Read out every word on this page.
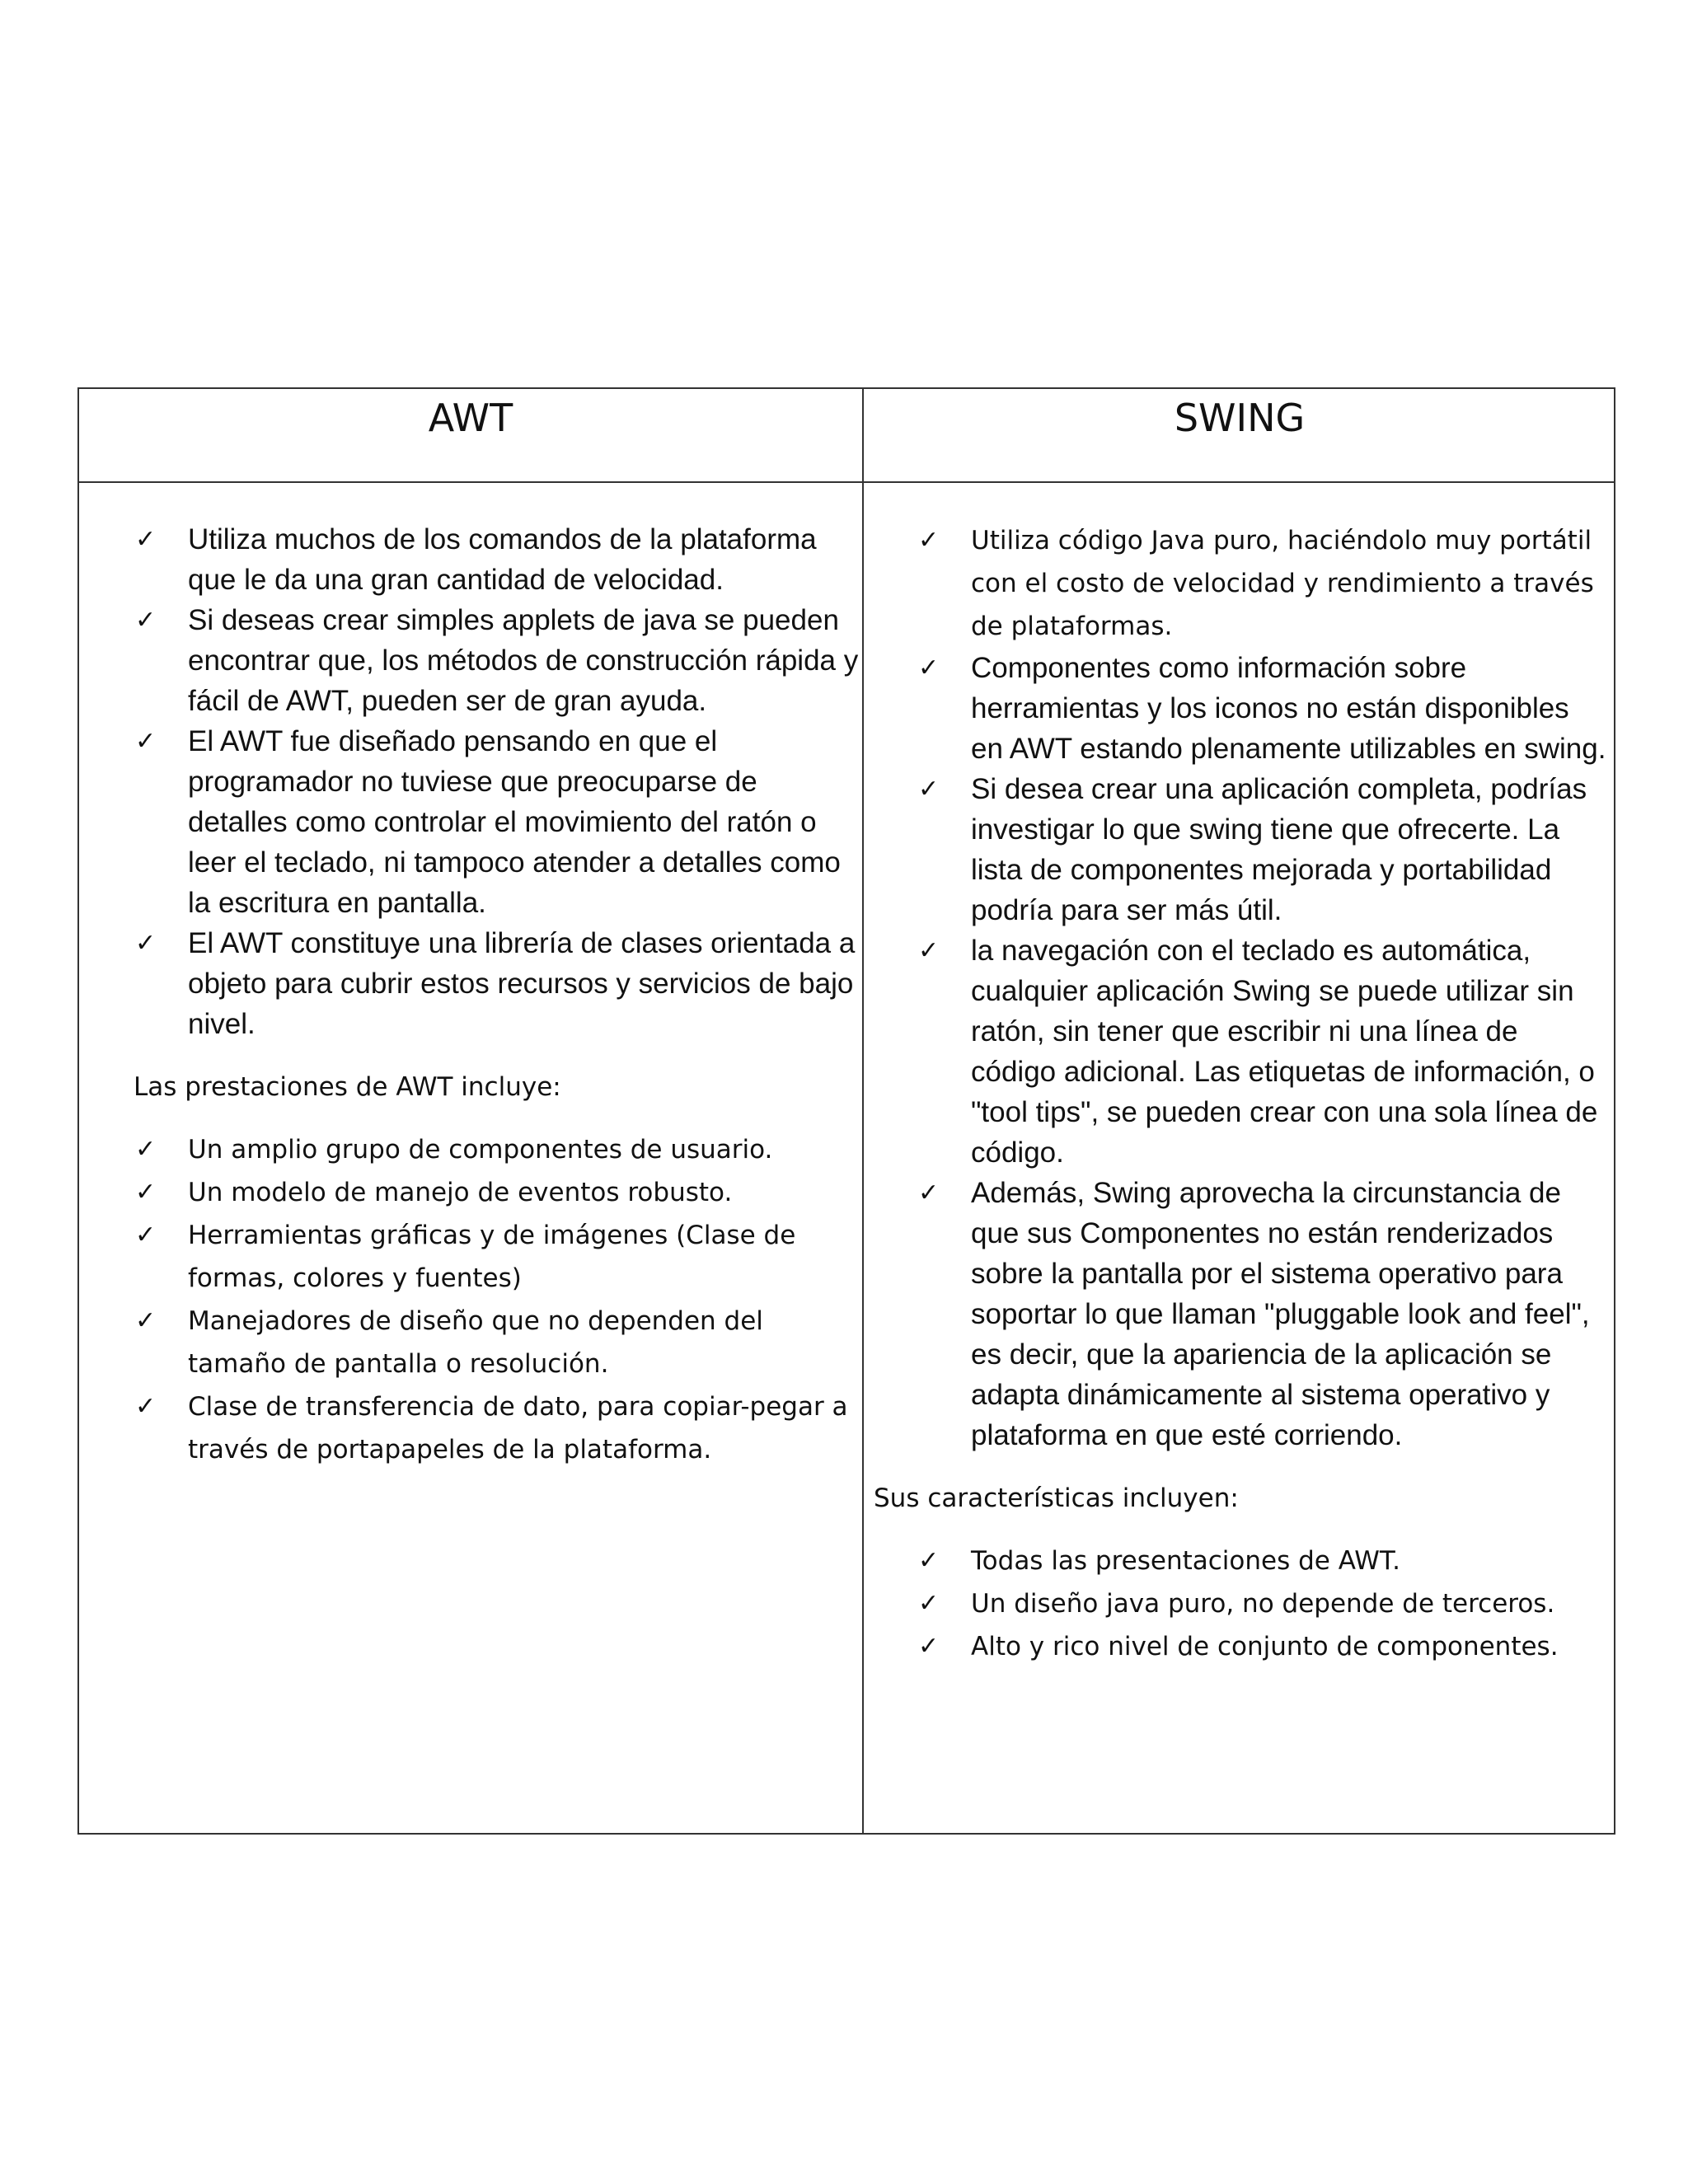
AWT	SWING
✓ Utiliza muchos de los comandos de la plataforma que le da una gran cantidad de velocidad.
✓ Si deseas crear simples applets de java se pueden encontrar que, los métodos de construcción rápida y fácil de AWT, pueden ser de gran ayuda.
✓ El AWT fue diseñado pensando en que el programador no tuviese que preocuparse de detalles como controlar el movimiento del ratón o leer el teclado, ni tampoco atender a detalles como la escritura en pantalla.
✓ El AWT constituye una librería de clases orientada a objeto para cubrir estos recursos y servicios de bajo nivel.
Las prestaciones de AWT incluye:
✓ Un amplio grupo de componentes de usuario.
✓ Un modelo de manejo de eventos robusto.
✓ Herramientas gráficas y de imágenes (Clase de formas, colores y fuentes)
✓ Manejadores de diseño que no dependen del tamaño de pantalla o resolución.
✓ Clase de transferencia de dato, para copiar-pegar a través de portapapeles de la plataforma.
✓ Utiliza código Java puro, haciéndolo muy portátil con el costo de velocidad y rendimiento a través de plataformas.
✓ Componentes como información sobre herramientas y los iconos no están disponibles en AWT estando plenamente utilizables en swing.
✓ Si desea crear una aplicación completa, podrías investigar lo que swing tiene que ofrecerte. La lista de componentes mejorada y portabilidad podría para ser más útil.
✓ la navegación con el teclado es automática, cualquier aplicación Swing se puede utilizar sin ratón, sin tener que escribir ni una línea de código adicional. Las etiquetas de información, o "tool tips", se pueden crear con una sola línea de código.
✓ Además, Swing aprovecha la circunstancia de que sus Componentes no están renderizados sobre la pantalla por el sistema operativo para soportar lo que llaman "pluggable look and feel", es decir, que la apariencia de la aplicación se adapta dinámicamente al sistema operativo y plataforma en que esté corriendo.
Sus características incluyen:
✓ Todas las presentaciones de AWT.
✓ Un diseño java puro, no depende de terceros.
✓ Alto y rico nivel de conjunto de componentes.
